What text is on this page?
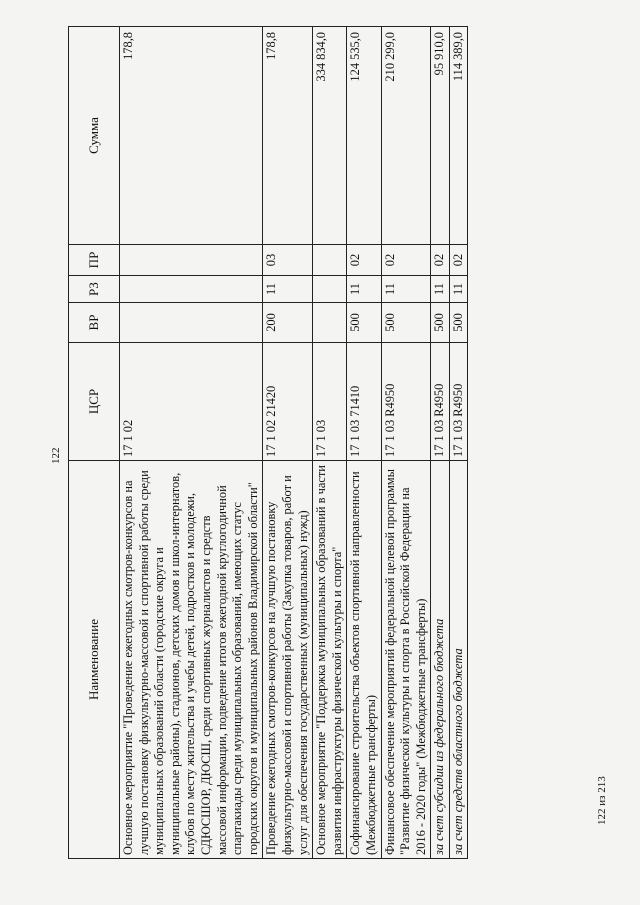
122
Наименование	ЦСР	ВР	РЗ	ПР	Сумма
Основное мероприятие "Проведение ежегодных смотров-конкурсов на лучшую постановку физкультурно-массовой и спортивной работы среди муниципальных образований области (городские округа и муниципальные районы), стадионов, детских домов и школ-интернатов, клубов по месту жительства и учебы детей, подростков и молодежи, СДЮСШОР, ДЮСШ, среди спортивных журналистов и средств массовой информации, подведение итогов ежегодной круглогодичной спартакиады среди муниципальных образований, имеющих статус городских округов и муниципальных районов Владимирской области"	17 1 02				178,8
Проведение ежегодных смотров-конкурсов на лучшую постановку физкультурно-массовой и спортивной работы (Закупка товаров, работ и услуг для обеспечения государственных (муниципальных) нужд)	17 1 02 21420	200	11	03	178,8
Основное мероприятие "Поддержка муниципальных образований в части развития инфраструктуры физической культуры и спорта"	17 1 03				334 834,0
Софинансирование строительства объектов спортивной направленности (Межбюджетные трансферты)	17 1 03 71410	500	11	02	124 535,0
Финансовое обеспечение мероприятий федеральной целевой программы "Развитие физической культуры и спорта в Российской Федерации на 2016 - 2020 годы" (Межбюджетные трансферты)	17 1 03 R4950	500	11	02	210 299,0
за счет субсидии из федерального бюджета	17 1 03 R4950	500	11	02	95 910,0
за счет средств областного бюджета	17 1 03 R4950	500	11	02	114 389,0
122 из 213
